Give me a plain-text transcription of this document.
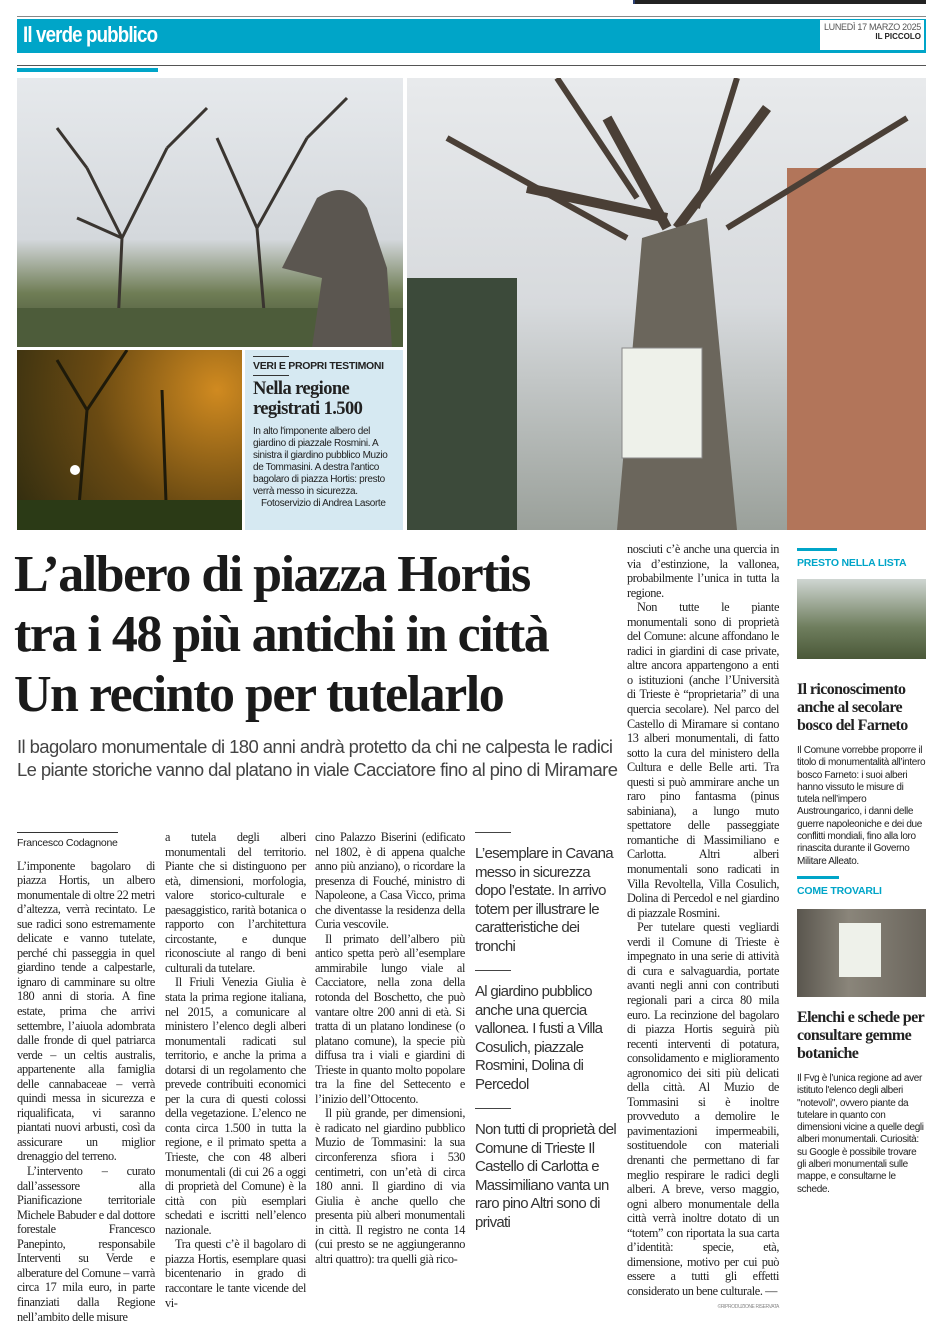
Il verde pubblico	LUNEDÌ 17 MARZO 2025
IL PICCOLO
VERI E PROPRI TESTIMONI
Nella regione registrati 1.500

In alto l'imponente albero del giardino di piazzale Rosmini. A sinistra il giardino pubblico Muzio de Tommasini. A destra l'antico bagolaro di piazza Hortis: presto verrà messo in sicurezza.

Fotoservizio di Andrea Lasorte

L’albero di piazza Hortis
tra i 48 più antichi in città
Un recinto per tutelarlo
Il bagolaro monumentale di 180 anni andrà protetto da chi ne calpesta le radici
Le piante storiche vanno dal platano in viale Cacciatore fino al pino di Miramare
Francesco Codagnone

L’imponente bagolaro di piazza Hortis, un albero monumentale di oltre 22 metri d’altezza, verrà recintato. Le sue radici sono estremamente delicate e vanno tutelate, perché chi passeggia in quel giardino tende a calpestarle, ignaro di camminare su oltre 180 anni di storia. A fine estate, prima che arrivi settembre, l’aiuola adombrata dalle fronde di quel patriarca verde – un celtis australis, appartenente alla famiglia delle cannabaceae – verrà quindi messa in sicurezza e riqualificata, vi saranno piantati nuovi arbusti, così da assicurare un miglior drenaggio del terreno.

L’intervento – curato dall’assessore alla Pianificazione territoriale Michele Babuder e dal dottore forestale Francesco Panepinto, responsabile Interventi su Verde e alberature del Comune – varrà circa 17 mila euro, in parte finanziati dalla Regione nell’ambito delle misure

a tutela degli alberi monumentali del territorio. Piante che si distinguono per età, dimensioni, morfologia, valore storico-culturale e paesaggistico, rarità botanica o rapporto con l’architettura circostante, e dunque riconosciute al rango di beni culturali da tutelare.

Il Friuli Venezia Giulia è stata la prima regione italiana, nel 2015, a comunicare al ministero l’elenco degli alberi monumentali radicati sul territorio, e anche la prima a dotarsi di un regolamento che prevede contribuiti economici per la cura di questi colossi della vegetazione. L’elenco ne conta circa 1.500 in tutta la regione, e il primato spetta a Trieste, che con 48 alberi monumentali (di cui 26 a oggi di proprietà del Comune) è la città con più esemplari schedati e iscritti nell’elenco nazionale.

Tra questi c’è il bagolaro di piazza Hortis, esemplare quasi bicentenario in grado di raccontare le tante vicende del vi-

cino Palazzo Biserini (edificato nel 1802, è di appena qualche anno più anziano), o ricordare la presenza di Fouché, ministro di Napoleone, a Casa Vicco, prima che diventasse la residenza della Curia vescovile.

Il primato dell’albero più antico spetta però all’esemplare ammirabile lungo viale al Cacciatore, nella zona della rotonda del Boschetto, che può vantare oltre 200 anni di età. Si tratta di un platano londinese (o platano comune), la specie più diffusa tra i viali e giardini di Trieste in quanto molto popolare tra la fine del Settecento e l’inizio dell’Ottocento.

Il più grande, per dimensioni, è radicato nel giardino pubblico Muzio de Tommasini: la sua circonferenza sfiora i 530 centimetri, con un’età di circa 180 anni. Il giardino di via Giulia è anche quello che presenta più alberi monumentali in città. Il registro ne conta 14 (cui presto se ne aggiungeranno altri quattro): tra quelli già rico-

L’esemplare in Cavana messo in sicurezza dopo l’estate. In arrivo totem per illustrare le caratteristiche dei tronchi
Al giardino pubblico anche una quercia vallonea. I fusti a Villa Cosulich, piazzale Rosmini, Dolina di Percedol
Non tutti di proprietà del Comune di Trieste Il Castello di Carlotta e Massimiliano vanta un raro pino Altri sono di privati

nosciuti c’è anche una quercia in via d’estinzione, la vallonea, probabilmente l’unica in tutta la regione.

Non tutte le piante monumentali sono di proprietà del Comune: alcune affondano le radici in giardini di case private, altre ancora appartengono a enti o istituzioni (anche l’Università di Trieste è “proprietaria” di una quercia secolare). Nel parco del Castello di Miramare si contano 13 alberi monumentali, di fatto sotto la cura del ministero della Cultura e delle Belle arti. Tra questi si può ammirare anche un raro pino fantasma (pinus sabiniana), a lungo muto spettatore delle passeggiate romantiche di Massimiliano e Carlotta. Altri alberi monumentali sono radicati in Villa Revoltella, Villa Cosulich, Dolina di Percedol e nel giardino di piazzale Rosmini.

Per tutelare questi vegliardi verdi il Comune di Trieste è impegnato in una serie di attività di cura e salvaguardia, portate avanti negli anni con contributi regionali pari a circa 80 mila euro. La recinzione del bagolaro di piazza Hortis seguirà più recenti interventi di potatura, consolidamento e miglioramento agronomico dei siti più delicati della città. Al Muzio de Tommasini si è inoltre provveduto a demolire le pavimentazioni impermeabili, sostituendole con materiali drenanti che permettano di far meglio respirare le radici degli alberi. A breve, verso maggio, ogni albero monumentale della città verrà inoltre dotato di un “totem” con riportata la sua carta d’identità: specie, età, dimensione, motivo per cui può essere a tutti gli effetti considerato un bene culturale. —

©RIPRODUZIONE RISERVATA
PRESTO NELLA LISTA
Il riconoscimento anche al secolare bosco del Farneto

Il Comune vorrebbe proporre il titolo di monumentalità all’intero bosco Farneto: i suoi alberi hanno vissuto le misure di tutela nell’impero Austroungarico, i danni delle guerre napoleoniche e dei due conflitti mondiali, fino alla loro rinascita durante il Governo Militare Alleato.

COME TROVARLI
Elenchi e schede per consultare gemme botaniche

Il Fvg è l’unica regione ad aver istituto l'elenco degli alberi "notevoli", ovvero piante da tutelare in quanto con dimensioni vicine a quelle degli alberi monumentali. Curiosità: su Google è possibile trovare gli alberi monumentali sulle mappe, e consultarne le schede.
